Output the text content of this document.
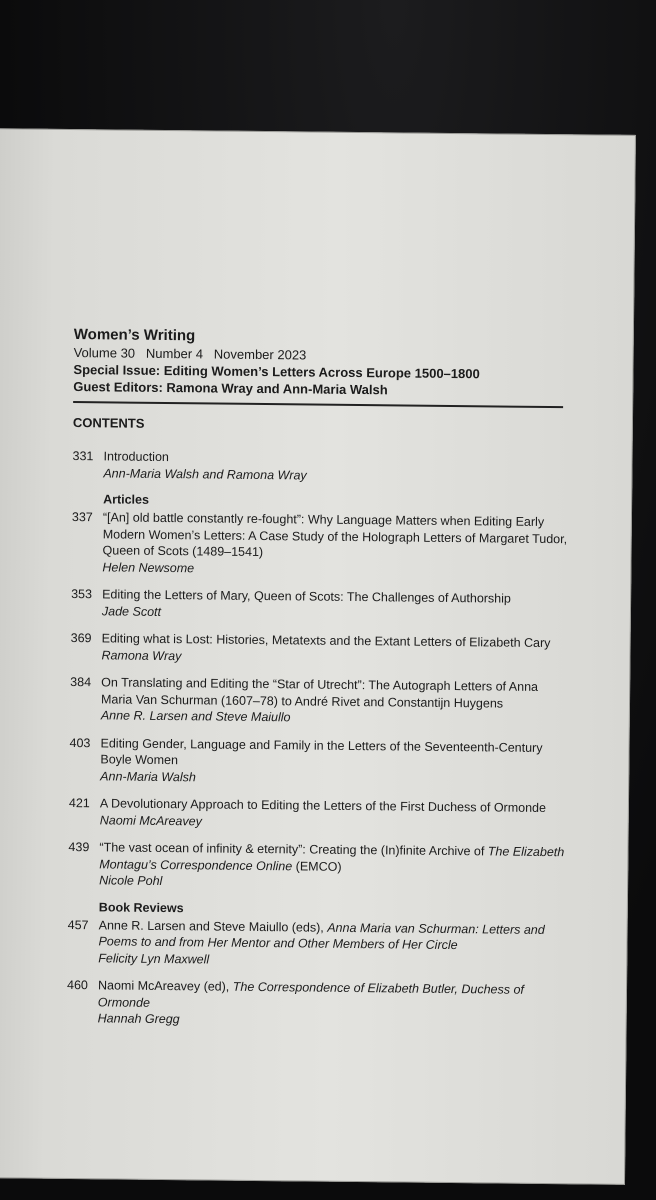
Women’s Writing
Volume 30   Number 4   November 2023
Special Issue: Editing Women’s Letters Across Europe 1500–1800
Guest Editors: Ramona Wray and Ann-Maria Walsh
CONTENTS
331 Introduction
Ann-Maria Walsh and Ramona Wray
Articles
337 “[An] old battle constantly re-fought”: Why Language Matters when Editing Early Modern Women’s Letters: A Case Study of the Holograph Letters of Margaret Tudor, Queen of Scots (1489–1541)
Helen Newsome
353 Editing the Letters of Mary, Queen of Scots: The Challenges of Authorship
Jade Scott
369 Editing what is Lost: Histories, Metatexts and the Extant Letters of Elizabeth Cary
Ramona Wray
384 On Translating and Editing the “Star of Utrecht”: The Autograph Letters of Anna Maria Van Schurman (1607–78) to André Rivet and Constantijn Huygens
Anne R. Larsen and Steve Maiullo
403 Editing Gender, Language and Family in the Letters of the Seventeenth-Century Boyle Women
Ann-Maria Walsh
421 A Devolutionary Approach to Editing the Letters of the First Duchess of Ormonde
Naomi McAreavey
439 “The vast ocean of infinity & eternity”: Creating the (In)finite Archive of The Elizabeth Montagu’s Correspondence Online (EMCO)
Nicole Pohl
Book Reviews
457 Anne R. Larsen and Steve Maiullo (eds), Anna Maria van Schurman: Letters and Poems to and from Her Mentor and Other Members of Her Circle
Felicity Lyn Maxwell
460 Naomi McAreavey (ed), The Correspondence of Elizabeth Butler, Duchess of Ormonde
Hannah Gregg
